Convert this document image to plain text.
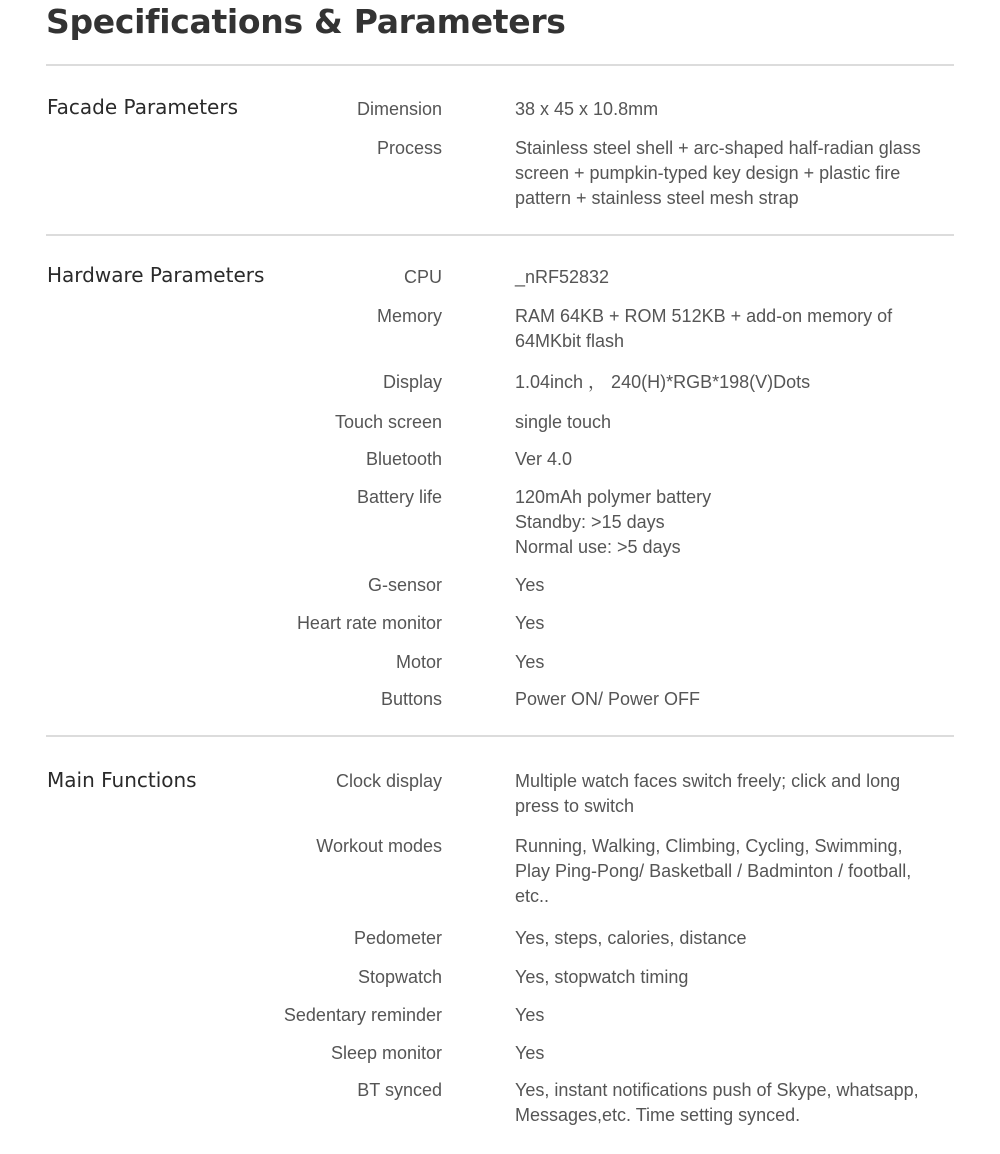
Specifications & Parameters
Facade Parameters	Dimension	38 x 45 x 10.8mm
Process	Stainless steel shell + arc-shaped half-radian glass
screen + pumpkin-typed key design + plastic fire
pattern + stainless steel mesh strap
Hardware Parameters	CPU	_nRF52832
Memory	RAM 64KB + ROM 512KB + add-on memory of
64MKbit flash
Display	1.04inch ， 240(H)*RGB*198(V)Dots
Touch screen	single touch
Bluetooth	Ver 4.0
Battery life	120mAh polymer battery
Standby: >15 days
Normal use: >5 days
G-sensor	Yes
Heart rate monitor	Yes
Motor	Yes
Buttons	Power ON/ Power OFF
Main Functions	Clock display	Multiple watch faces switch freely; click and long
press to switch
Workout modes	Running, Walking, Climbing, Cycling, Swimming,
Play Ping-Pong/ Basketball / Badminton / football,
etc..
Pedometer	Yes, steps, calories, distance
Stopwatch	Yes, stopwatch timing
Sedentary reminder	Yes
Sleep monitor	Yes
BT synced	Yes, instant notifications push of Skype, whatsapp,
Messages,etc. Time setting synced.
